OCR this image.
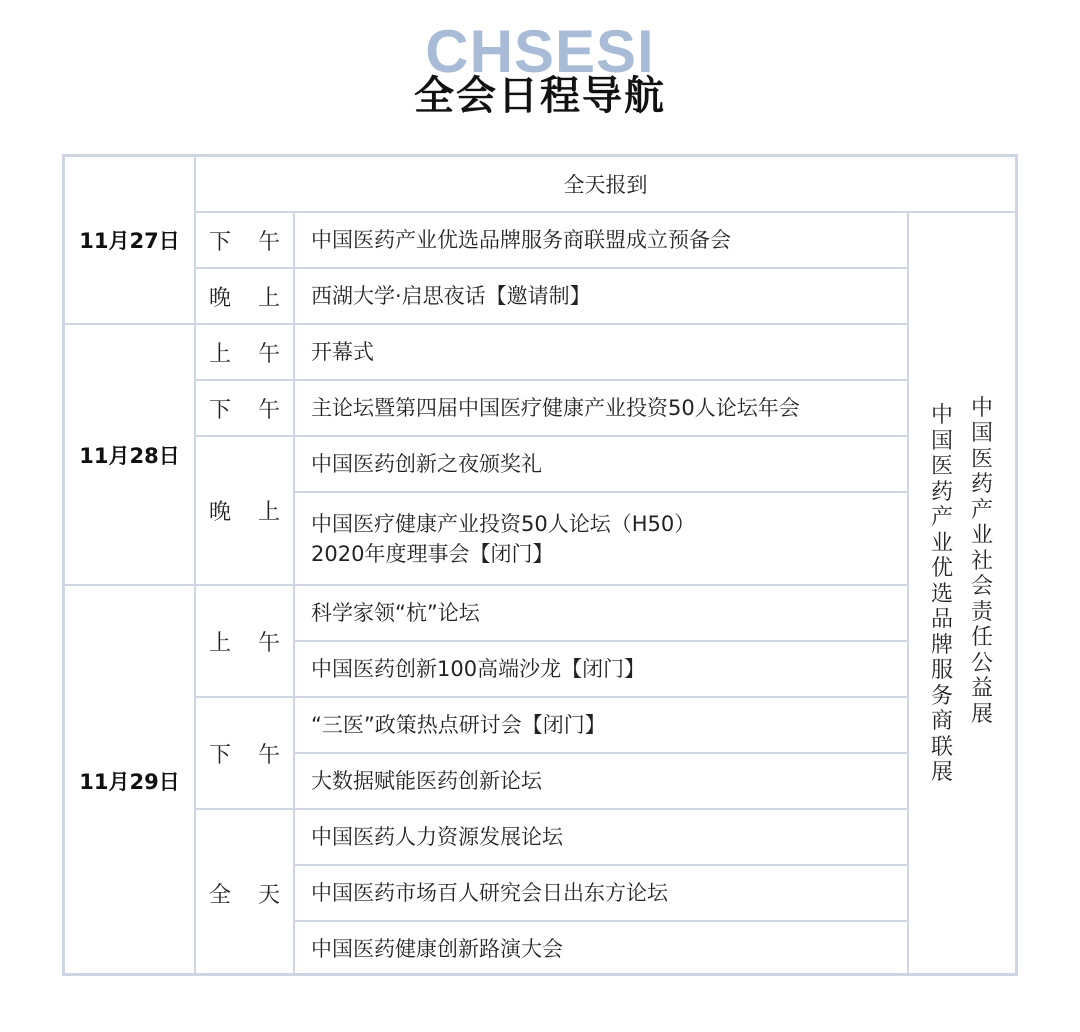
CHSESI
全会日程导航
11月27日
11月28日
11月29日
全天报到
下 午
晚 上
上 午
下 午
晚 上
上 午
下 午
全 天
中国医药产业优选品牌服务商联盟成立预备会
西湖大学·启思夜话【邀请制】
开幕式
主论坛暨第四届中国医疗健康产业投资50人论坛年会
中国医药创新之夜颁奖礼
中国医疗健康产业投资50人论坛（H50）
2020年度理事会【闭门】
科学家领“杭”论坛
中国医药创新100高端沙龙【闭门】
“三医”政策热点研讨会【闭门】
大数据赋能医药创新论坛
中国医药人力资源发展论坛
中国医药市场百人研究会日出东方论坛
中国医药健康创新路演大会
中
国
医
药
产
业
优
选
品
牌
服
务
商
联
展
中
国
医
药
产
业
社
会
责
任
公
益
展
